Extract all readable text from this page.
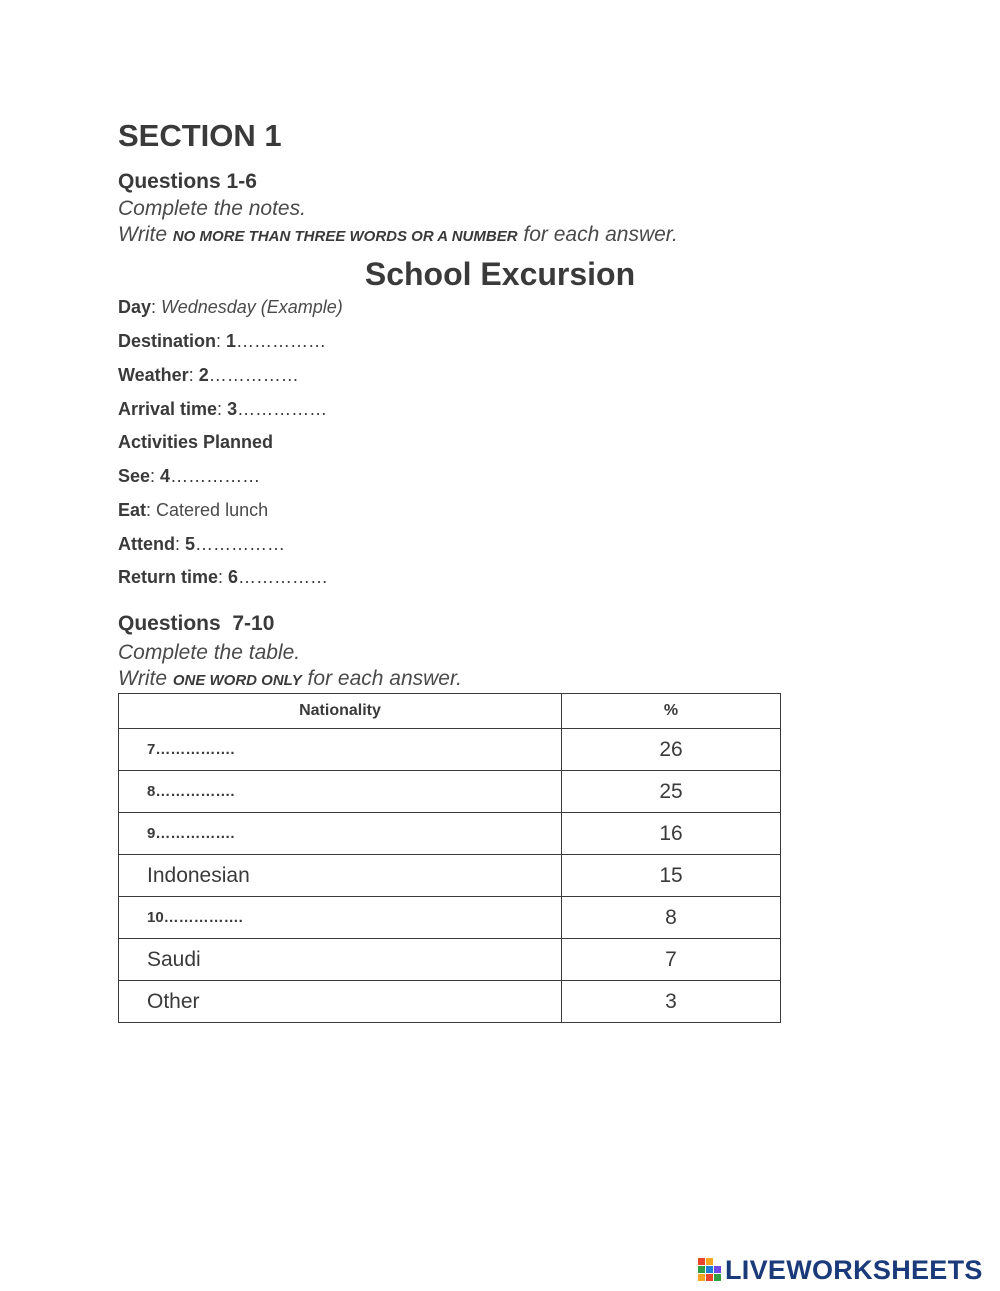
SECTION 1
Questions 1-6
Complete the notes.
Write NO MORE THAN THREE WORDS OR A NUMBER for each answer.
School Excursion
Day: Wednesday (Example)
Destination: 1……………
Weather: 2……………
Arrival time: 3……………
Activities Planned
See: 4……………
Eat: Catered lunch
Attend: 5……………
Return time: 6……………
Questions  7-10
Complete the table.
Write ONE WORD ONLY for each answer.
Nationality	%
7…………….	26
8…………….	25
9…………….	16
Indonesian	15
10…………….	8
Saudi	7
Other	3
LIVEWORKSHEETS
